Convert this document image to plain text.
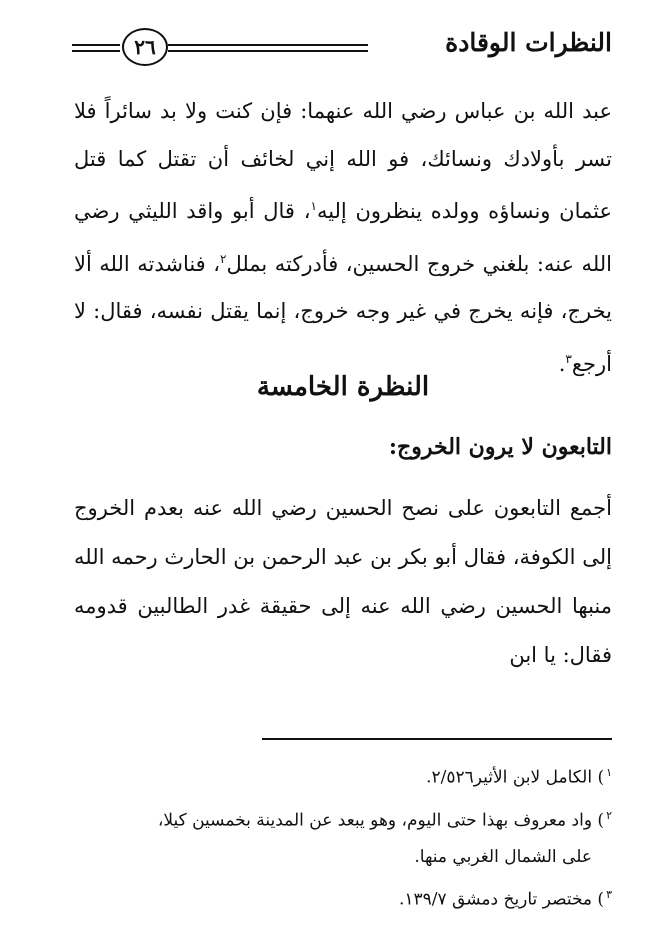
٢٦	النظرات الوقادة

عبد الله بن عباس رضي الله عنهما: فإن كنت ولا بد سائراً فلا تسر بأولادك ونسائك، فو الله إني لخائف أن تقتل كما قتل عثمان ونساؤه وولده ينظرون إليه$^١$، قال أبو واقد الليثي رضي الله عنه: بلغني خروج الحسين، فأدركته بملل$^٢$، فناشدته الله ألا يخرج، فإنه يخرج في غير وجه خروج، إنما يقتل نفسه، فقال: لا أرجع$^٣$.

النظرة الخامسة
التابعون لا يرون الخروج:

أجمع التابعون على نصح الحسين رضي الله عنه بعدم الخروج إلى الكوفة، فقال أبو بكر بن عبد الرحمن بن الحارث رحمه الله منبها الحسين رضي الله عنه إلى حقيقة غدر الطالبين قدومه فقال: يا ابن

$^١$) الكامل لابن الأثير٢/٥٢٦.

$^٢$) واد معروف بهذا حتى اليوم، وهو يبعد عن المدينة بخمسين كيلا،

على الشمال الغربي منها.

$^٣$) مختصر تاريخ دمشق ١٣٩/٧.
